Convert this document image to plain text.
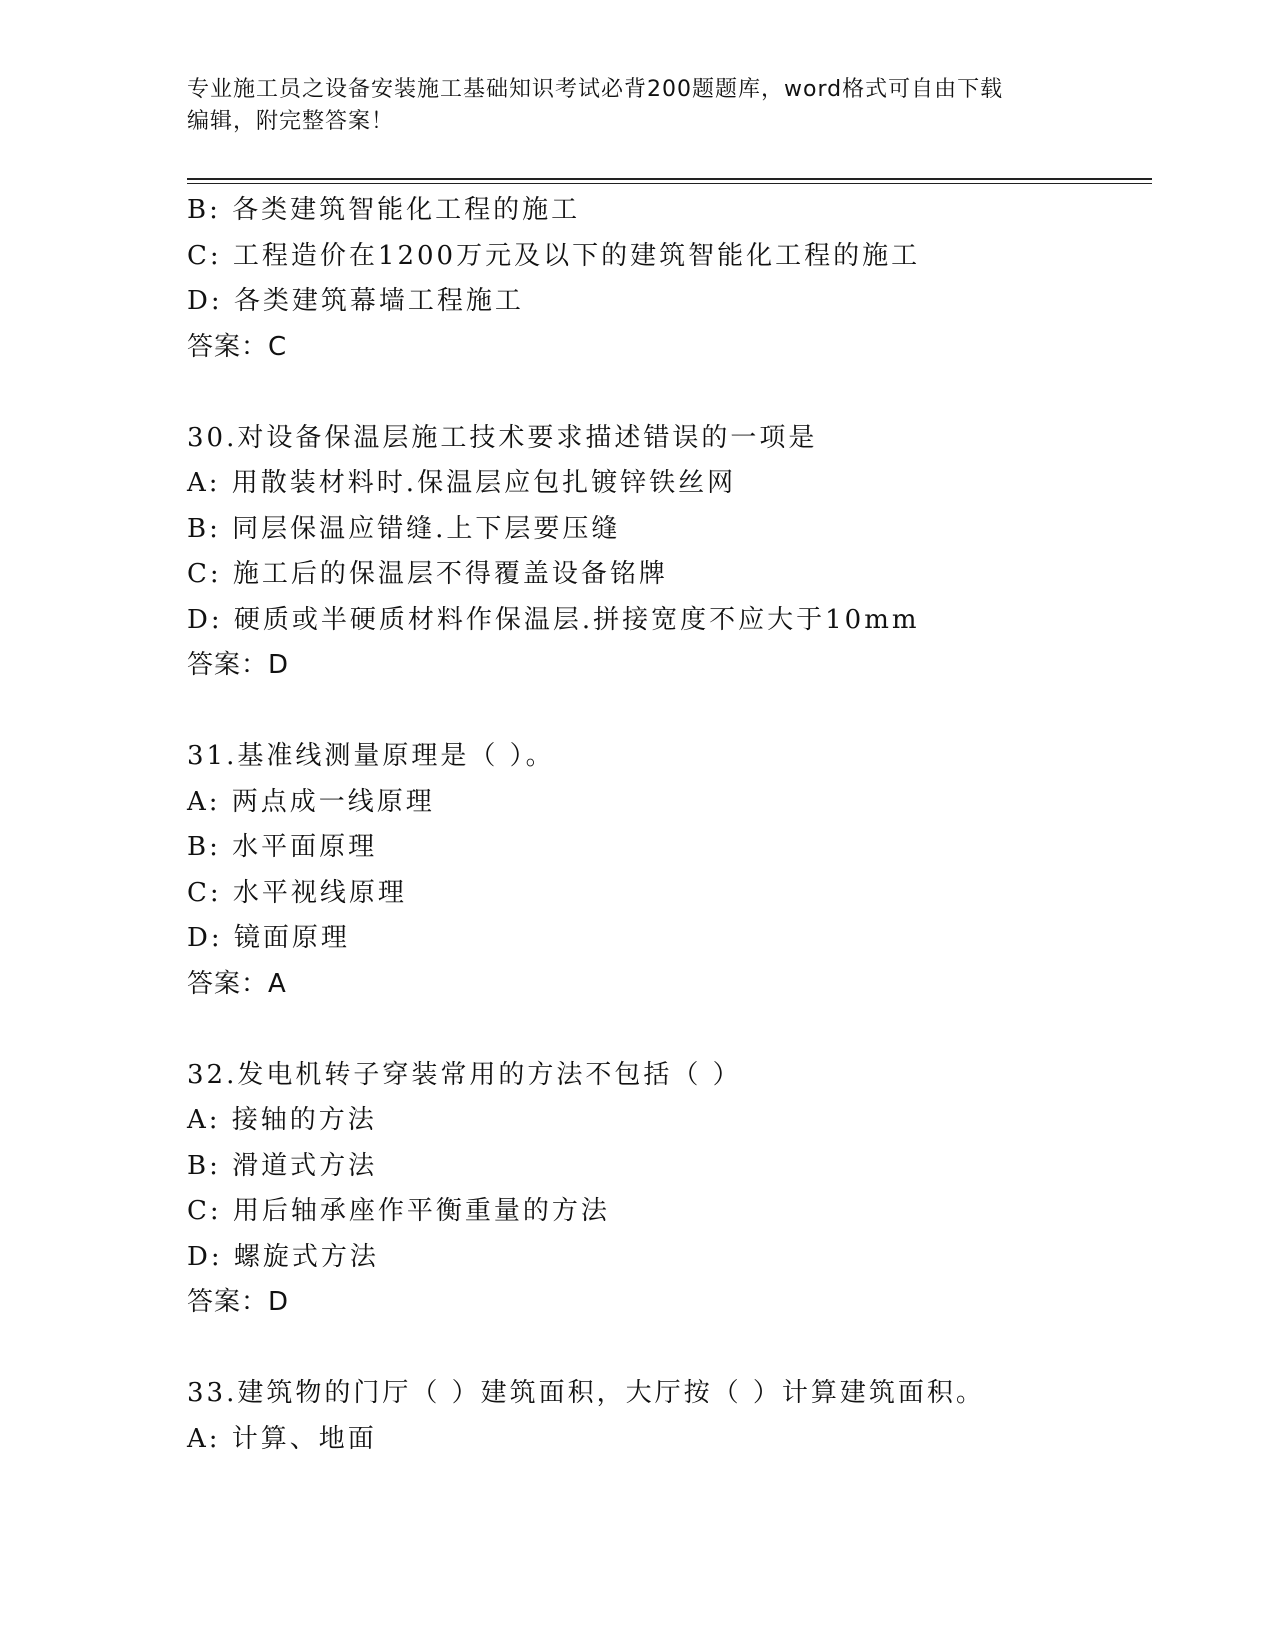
专业施工员之设备安装施工基础知识考试必背200题题库，word格式可自由下载
编辑，附完整答案！
B: 各类建筑智能化工程的施工
C: 工程造价在1200万元及以下的建筑智能化工程的施工
D: 各类建筑幕墙工程施工
答案：C
30.对设备保温层施工技术要求描述错误的一项是
A: 用散装材料时.保温层应包扎镀锌铁丝网
B: 同层保温应错缝.上下层要压缝
C: 施工后的保温层不得覆盖设备铭牌
D: 硬质或半硬质材料作保温层.拼接宽度不应大于10mm
答案：D
31.基准线测量原理是（ ）。
A: 两点成一线原理
B: 水平面原理
C: 水平视线原理
D: 镜面原理
答案：A
32.发电机转子穿装常用的方法不包括（ ）
A: 接轴的方法
B: 滑道式方法
C: 用后轴承座作平衡重量的方法
D: 螺旋式方法
答案：D
33.建筑物的门厅（ ）建筑面积，大厅按（ ）计算建筑面积。
A: 计算、地面
